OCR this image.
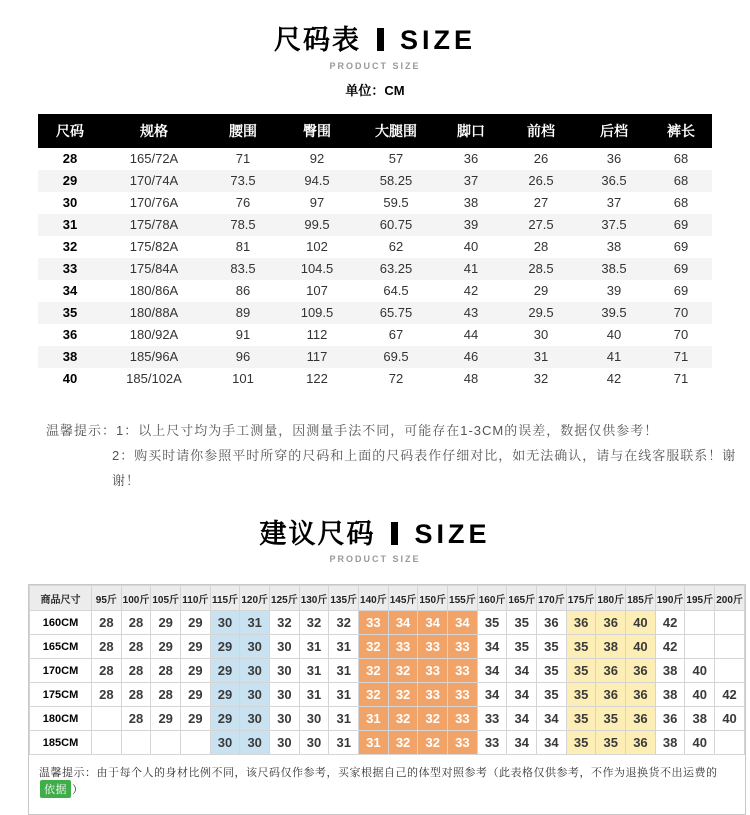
尺码表 SIZE
PRODUCT SIZE
单位：CM
尺码	规格	腰围	臀围	大腿围	脚口	前档	后档	裤长
28	165/72A	71	92	57	36	26	36	68
29	170/74A	73.5	94.5	58.25	37	26.5	36.5	68
30	170/76A	76	97	59.5	38	27	37	68
31	175/78A	78.5	99.5	60.75	39	27.5	37.5	69
32	175/82A	81	102	62	40	28	38	69
33	175/84A	83.5	104.5	63.25	41	28.5	38.5	69
34	180/86A	86	107	64.5	42	29	39	69
35	180/88A	89	109.5	65.75	43	29.5	39.5	70
36	180/92A	91	112	67	44	30	40	70
38	185/96A	96	117	69.5	46	31	41	71
40	185/102A	101	122	72	48	32	42	71
温馨提示：1：以上尺寸均为手工测量，因测量手法不同，可能存在1-3CM的误差，数据仅供参考！
2：购买时请你参照平时所穿的尺码和上面的尺码表作仔细对比，如无法确认，请与在线客服联系！谢谢！
建议尺码 SIZE
PRODUCT SIZE
商品尺寸	95斤	100斤	105斤	110斤	115斤	120斤	125斤	130斤	135斤	140斤	145斤	150斤	155斤	160斤	165斤	170斤	175斤	180斤	185斤	190斤	195斤	200斤
160CM	28	28	29	29	30	31	32	32	32	33	34	34	34	35	35	36	36	36	40	42		
165CM	28	28	29	29	29	30	30	31	31	32	33	33	33	34	35	35	35	38	40	42		
170CM	28	28	28	29	29	30	30	31	31	32	32	33	33	34	34	35	35	36	36	38	40	
175CM	28	28	28	29	29	30	30	31	31	32	32	33	33	34	34	35	35	36	36	38	40	42
180CM		28	29	29	29	30	30	30	31	31	32	32	33	33	34	34	35	35	36	36	38	40
185CM					30	30	30	30	31	31	32	32	33	33	34	34	35	35	36	38	40	
温馨提示：由于每个人的身材比例不同，该尺码仅作参考，买家根据自己的体型对照参考（此表格仅供参考，不作为退换货不出运费的依据 ）
